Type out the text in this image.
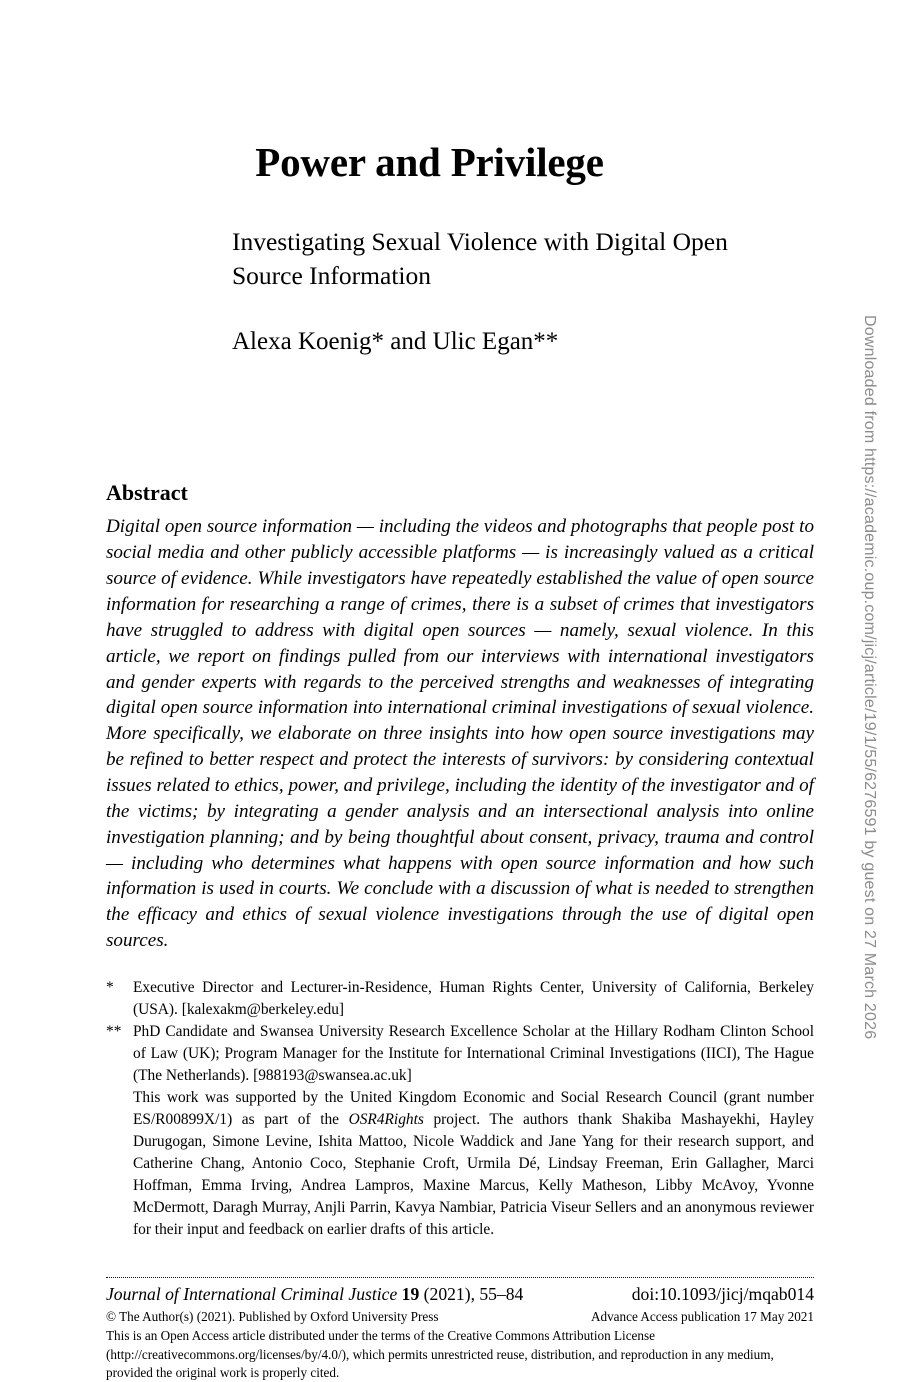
Power and Privilege
Investigating Sexual Violence with Digital Open Source Information

Alexa Koenig* and Ulic Egan**

Abstract

Digital open source information — including the videos and photographs that people post to social media and other publicly accessible platforms — is increasingly valued as a critical source of evidence. While investigators have repeatedly established the value of open source information for researching a range of crimes, there is a subset of crimes that investigators have struggled to address with digital open sources — namely, sexual violence. In this article, we report on findings pulled from our interviews with international investigators and gender experts with regards to the perceived strengths and weaknesses of integrating digital open source information into international criminal investigations of sexual violence. More specifically, we elaborate on three insights into how open source investigations may be refined to better respect and protect the interests of survivors: by considering contextual issues related to ethics, power, and privilege, including the identity of the investigator and of the victims; by integrating a gender analysis and an intersectional analysis into online investigation planning; and by being thoughtful about consent, privacy, trauma and control — including who determines what happens with open source information and how such information is used in courts. We conclude with a discussion of what is needed to strengthen the efficacy and ethics of sexual violence investigations through the use of digital open sources.

*	Executive Director and Lecturer-in-Residence, Human Rights Center, University of California, Berkeley (USA). [kalexakm@berkeley.edu]
** PhD Candidate and Swansea University Research Excellence Scholar at the Hillary Rodham Clinton School of Law (UK); Program Manager for the Institute for International Criminal Investigations (IICI), The Hague (The Netherlands). [988193@swansea.ac.uk]
This work was supported by the United Kingdom Economic and Social Research Council (grant number ES/R00899X/1) as part of the OSR4Rights project. The authors thank Shakiba Mashayekhi, Hayley Durugogan, Simone Levine, Ishita Mattoo, Nicole Waddick and Jane Yang for their research support, and Catherine Chang, Antonio Coco, Stephanie Croft, Urmila Dé, Lindsay Freeman, Erin Gallagher, Marci Hoffman, Emma Irving, Andrea Lampros, Maxine Marcus, Kelly Matheson, Libby McAvoy, Yvonne McDermott, Daragh Murray, Anjli Parrin, Kavya Nambiar, Patricia Viseur Sellers and an anonymous reviewer for their input and feedback on earlier drafts of this article.
Journal of International Criminal Justice 19 (2021), 55–84	doi:10.1093/jicj/mqab014
© The Author(s) (2021). Published by Oxford University Press	Advance Access publication 17 May 2021
This is an Open Access article distributed under the terms of the Creative Commons Attribution License (http://creativecommons.org/licenses/by/4.0/), which permits unrestricted reuse, distribution, and reproduction in any medium, provided the original work is properly cited.
Downloaded from https://academic.oup.com/jicj/article/19/1/55/6276591 by guest on 27 March 2026
